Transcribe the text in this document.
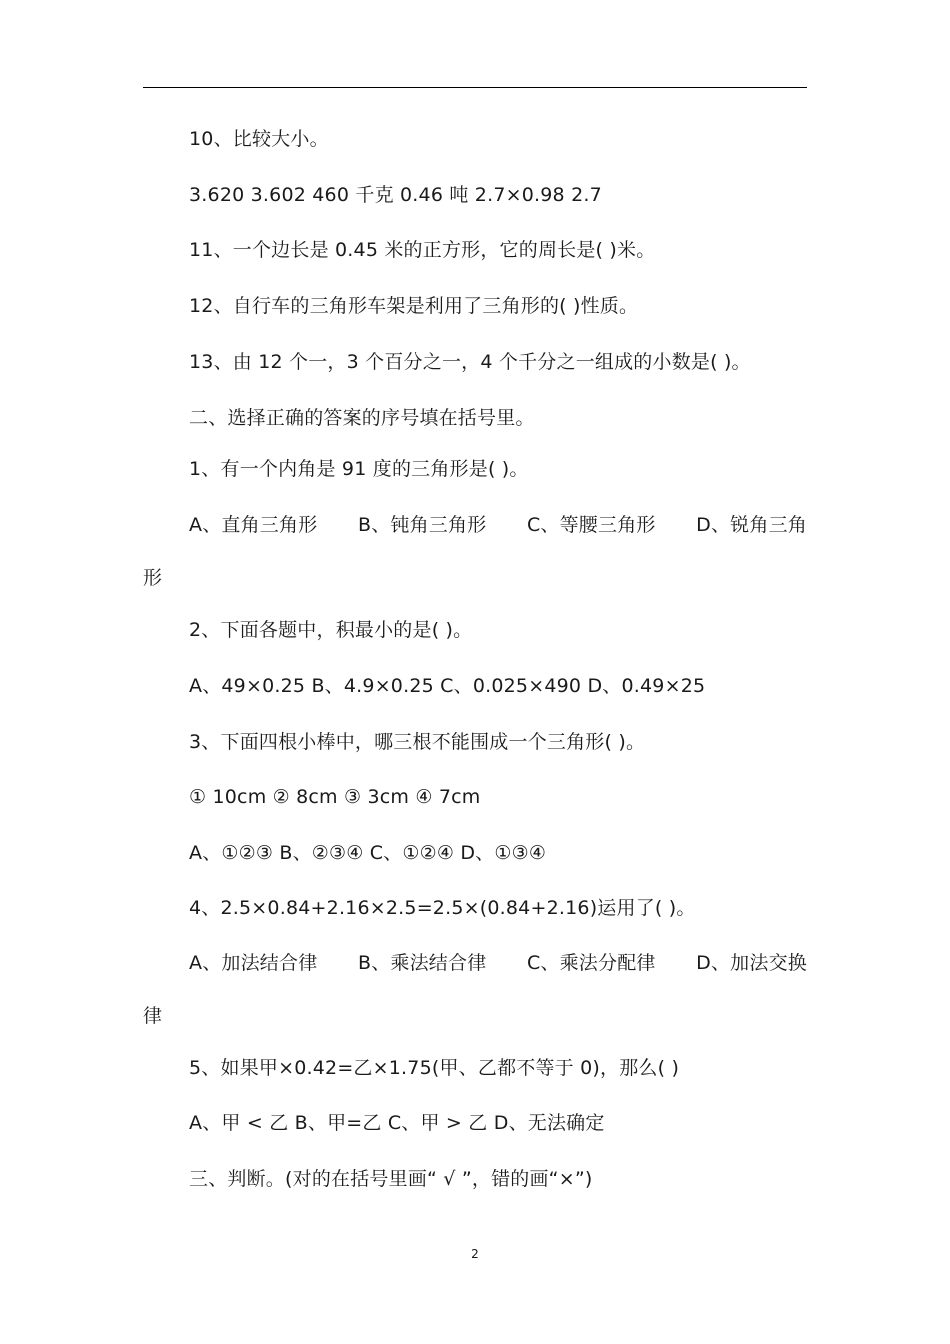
10、比较大小。
3.620 3.602 460 千克 0.46 吨 2.7×0.98 2.7
11、一个边长是 0.45 米的正方形，它的周长是( )米。
12、自行车的三角形车架是利用了三角形的( )性质。
13、由 12 个一，3 个百分之一，4 个千分之一组成的小数是( )。
二、选择正确的答案的序号填在括号里。
1、有一个内角是 91 度的三角形是( )。
A、直角三角形 B、钝角三角形 C、等腰三角形 D、锐角三角
形
2、下面各题中，积最小的是( )。
A、49×0.25 B、4.9×0.25 C、0.025×490 D、0.49×25
3、下面四根小棒中，哪三根不能围成一个三角形( )。
① 10cm ② 8cm ③ 3cm ④ 7cm
A、①②③ B、②③④ C、①②④ D、①③④
4、2.5×0.84+2.16×2.5=2.5×(0.84+2.16)运用了( )。
A、加法结合律 B、乘法结合律 C、乘法分配律 D、加法交换
律
5、如果甲×0.42=乙×1.75(甲、乙都不等于 0)，那么( )
A、甲 < 乙 B、甲=乙 C、甲 > 乙 D、无法确定
三、判断。(对的在括号里画“ √ ”，错的画“×”)
2
